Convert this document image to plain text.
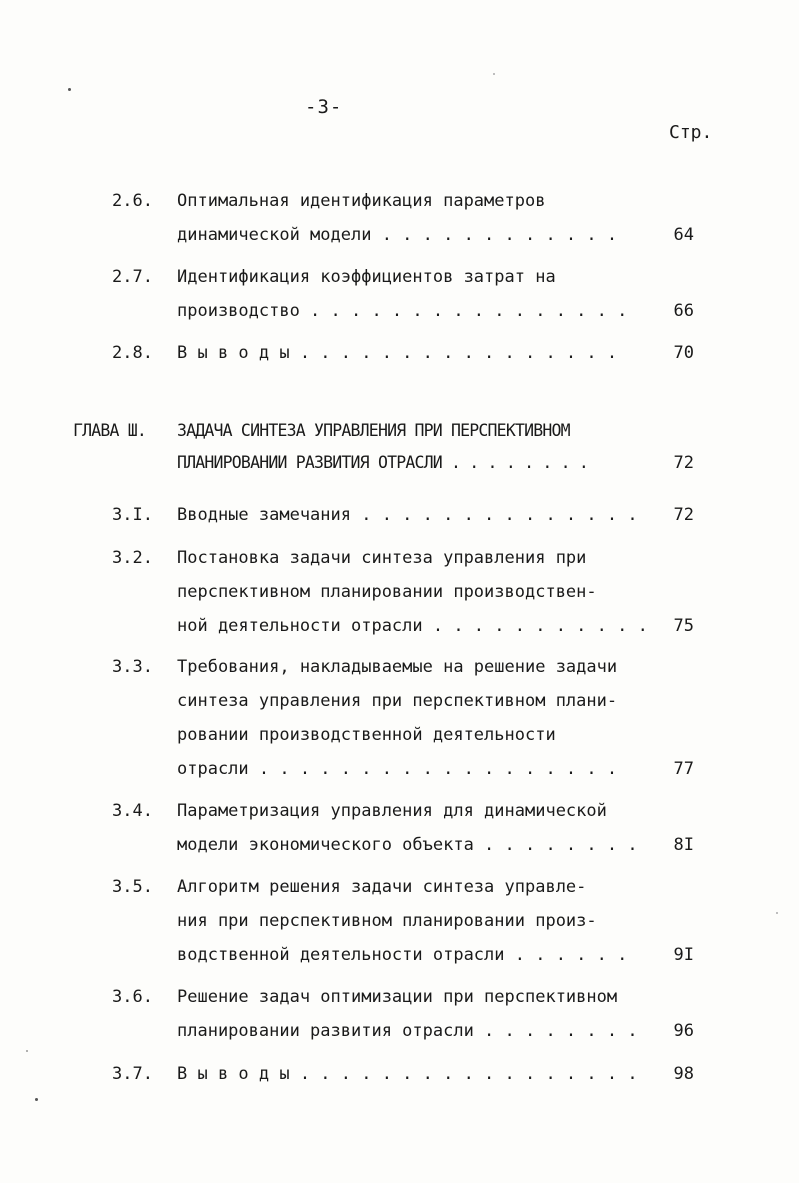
-3-
Стр.
2.6. Оптимальная идентификация параметров
динамической модели . . . . . . . . . . . .	64
2.7. Идентификация коэффициентов затрат на
производство . . . . . . . . . . . . . . . .	66
2.8. В ы в о д ы . . . . . . . . . . . . . . . .	70
ГЛАВА Ш. ЗАДАЧА СИНТЕЗА УПРАВЛЕНИЯ ПРИ ПЕРСПЕКТИВНОМ
ПЛАНИРОВАНИИ РАЗВИТИЯ ОТРАСЛИ . . . . . . . .	72
3.I. Вводные замечания . . . . . . . . . . . . . .	72
3.2. Постановка задачи синтеза управления при
перспективном планировании производствен-
ной деятельности отрасли . . . . . . . . . . .	75
3.3. Требования, накладываемые на решение задачи
синтеза управления при перспективном плани-
ровании производственной деятельности
отрасли . . . . . . . . . . . . . . . . . .	77
3.4. Параметризация управления для динамической
модели экономического объекта . . . . . . . .	8I
3.5. Алгоритм решения задачи синтеза управле-
ния при перспективном планировании произ-
водственной деятельности отрасли . . . . . .	9I
3.6. Решение задач оптимизации при перспективном
планировании развития отрасли . . . . . . . .	96
3.7. В ы в о д ы . . . . . . . . . . . . . . . . .	98
